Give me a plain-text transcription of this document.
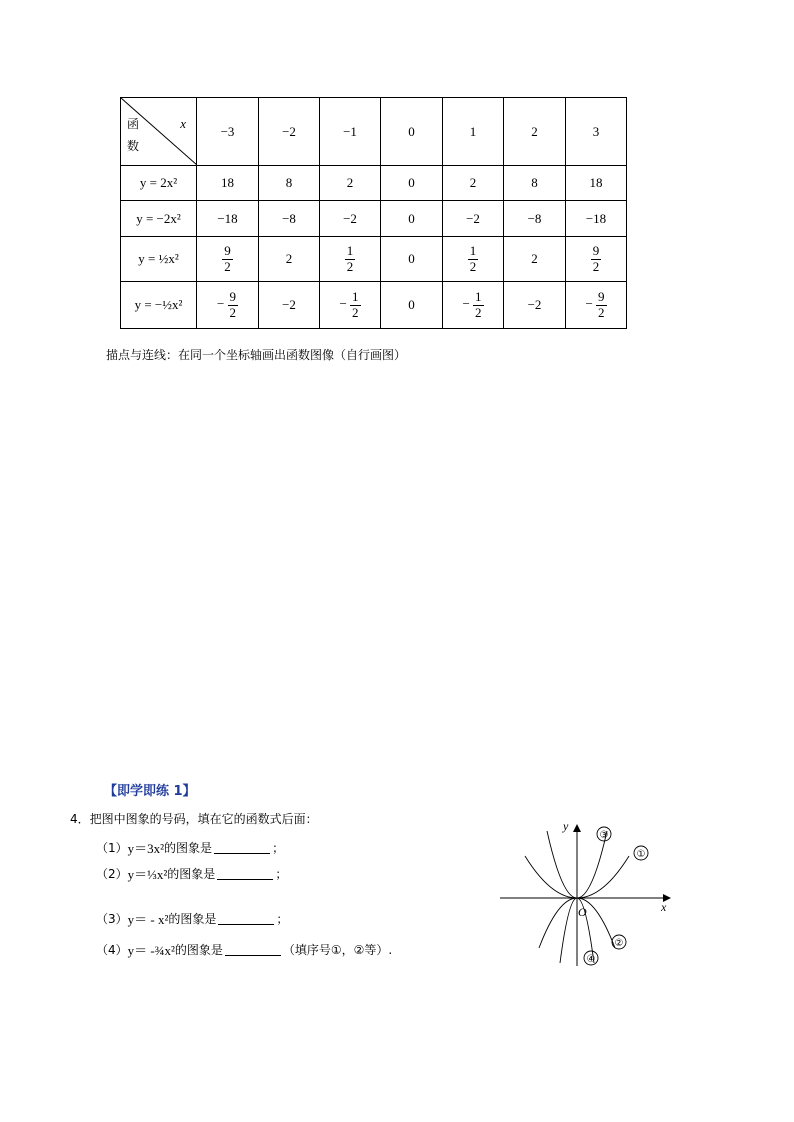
x
函
数	−3	−2	−1	0	1	2	3
y = 2x²	18	8	2	0	2	8	18
y = −2x²	−18	−8	−2	0	−2	−8	−18
y = ½x²	$\frac{9}{2}$	2	$\frac{1}{2}$	0	$\frac{1}{2}$	2	$\frac{9}{2}$

y = −½x²	− $\frac{9}{2}$	−2	− $\frac{1}{2}$	0	− $\frac{1}{2}$	−2	− $\frac{9}{2}$
描点与连线：在同一个坐标轴画出函数图像（自行画图）
【即学即练 1】
4．把图中图象的号码，填在它的函数式后面：
（1） y＝3x² 的图象是	；
（2） y＝⅓x² 的图象是	；
（3） y＝ - x² 的图象是	；
（4） y＝ -¾x² 的图象是	（填序号①，②等）.
x
y
O
①
③
②
④
